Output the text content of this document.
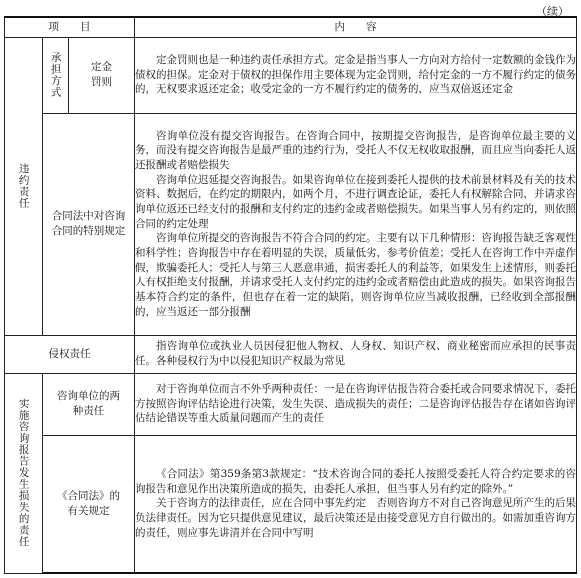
（续）
项　　目			内　　容

违约责任	承担方式	定金罚则	定金罚则也是一种违约责任承担方式。定金是指当事人一方向对方给付一定数额的金钱作为债权的担保。定金对于债权的担保作用主要体现为定金罚则，给付定金的一方不履行约定的债务的，无权要求返还定金；收受定金的一方不履行约定的债务的，应当双倍返还定金

	合同法中对咨询合同的特别规定		咨询单位没有提交咨询报告。在咨询合同中，按期提交咨询报告，是咨询单位最主要的义务，而没有提交咨询报告是最严重的违约行为，受托人不仅无权收取报酬，而且应当向委托人返还报酬或者赔偿损失

咨询单位迟延提交咨询报告。如果咨询单位在接到委托人提供的技术前景材料及有关的技术资料、数据后，在约定的期限内，如两个月，不进行调查论证，委托人有权解除合同，并请求咨询单位返还已经支付的报酬和支付约定的违约金或者赔偿损失。如果当事人另有约定的，则依照合同的约定处理

咨询单位所提交的咨询报告不符合合同的约定。主要有以下几种情形：咨询报告缺乏客观性和科学性；咨询报告中存在着明显的失误，质量低劣，参考价值差；受托人在咨询工作中弄虚作假，欺骗委托人；受托人与第三人恶意串通，损害委托人的利益等，如果发生上述情形，则委托人有权拒绝支付报酬，并请求受托人支付约定的违约金或者赔偿由此造成的损失。如果咨询报告基本符合约定的条件，但也存在着一定的缺陷，则咨询单位应当减收报酬，已经收到全部报酬的，应当返还一部分报酬

侵权责任			指咨询单位或执业人员因侵犯他人物权、人身权、知识产权、商业秘密而应承担的民事责任。各种侵权行为中以侵犯知识产权最为常见

实施咨询报告发生损失的责任	咨询单位的两种责任		对于咨询单位而言不外乎两种责任：一是在咨询评估报告符合委托或合同要求情况下，委托方按照咨询评估结论进行决策，发生失误、造成损失的责任；二是咨询评估报告存在诸如咨询评估结论错误等重大质量问题而产生的责任

	《合同法》的有关规定		《合同法》第359条第3款规定：“技术咨询合同的委托人按照受委托人符合约定要求的咨询报告和意见作出决策所造成的损失，由委托人承担，但当事人另有约定的除外。”

关于咨询方的法律责任，应在合同中事先约定　否则咨询方不对自己咨询意见所产生的后果负法律责任。因为它只提供意见建议，最后决策还是由接受意见方自行做出的。如需加重咨询方的责任，则应事先讲清并在合同中写明
